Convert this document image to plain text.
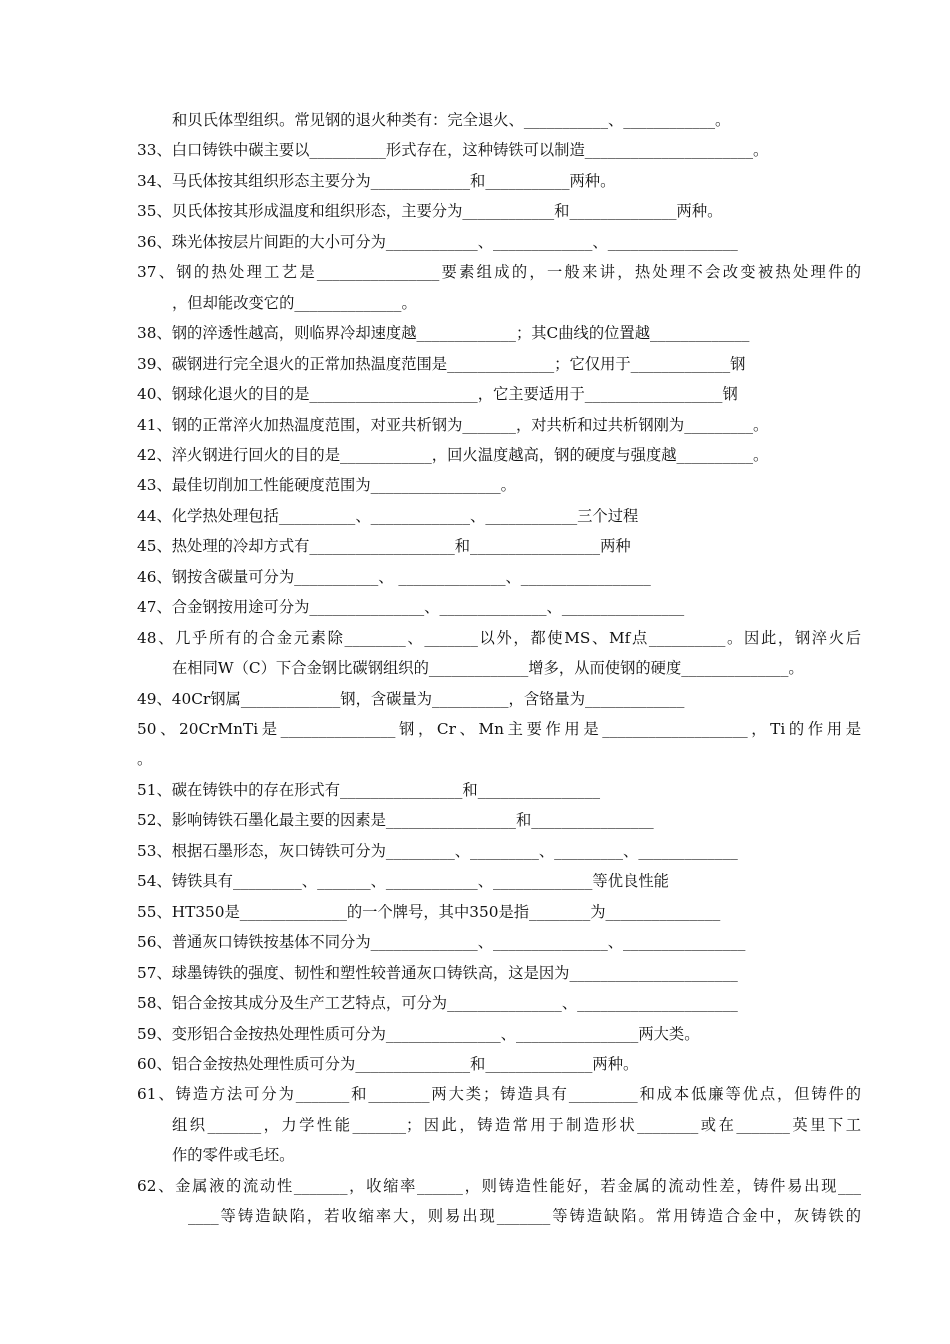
和贝氏体型组织。常见钢的退火种类有：完全退火、___________、____________。
33、白口铸铁中碳主要以__________形式存在，这种铸铁可以制造______________________。
34、马氏体按其组织形态主要分为_____________和___________两种。
35、贝氏体按其形成温度和组织形态，主要分为____________和______________两种。
36、珠光体按层片间距的大小可分为____________、_____________、_________________
37、钢的热处理工艺是________________要素组成的，一般来讲，热处理不会改变被热处理件的
，但却能改变它的______________。
38、钢的淬透性越高，则临界冷却速度越_____________；其C曲线的位置越_____________
39、碳钢进行完全退火的正常加热温度范围是______________；它仅用于_____________钢
40、钢球化退火的目的是______________________，它主要适用于__________________钢
41、钢的正常淬火加热温度范围，对亚共析钢为_______，对共析和过共析钢刚为_________。
42、淬火钢进行回火的目的是____________，回火温度越高，钢的硬度与强度越__________。
43、最佳切削加工性能硬度范围为_________________。
44、化学热处理包括__________、_____________、____________三个过程
45、热处理的冷却方式有___________________和_________________两种
46、钢按含碳量可分为___________、 ______________、_________________
47、合金钢按用途可分为_______________、______________、________________
48、几乎所有的合金元素除________、_______以外，都使MS、Mf点__________。因此，钢淬火后
在相同W（C）下合金钢比碳钢组织的_____________增多，从而使钢的硬度______________。
49、40Cr钢属_____________钢，含碳量为__________，含铬量为_____________
50、20CrMnTi是_______________钢，Cr、Mn主要作用是___________________，Ti的作用是
。
51、碳在铸铁中的存在形式有________________和________________
52、影响铸铁石墨化最主要的因素是_________________和________________
53、根据石墨形态，灰口铸铁可分为_________、_________、_________、_____________
54、铸铁具有_________、_______、____________、_____________等优良性能
55、HT350是______________的一个牌号，其中350是指________为_______________
56、普通灰口铸铁按基体不同分为______________、_______________、________________
57、球墨铸铁的强度、韧性和塑性较普通灰口铸铁高，这是因为______________________
58、铝合金按其成分及生产工艺特点，可分为_______________、_____________________
59、变形铝合金按热处理性质可分为_______________、________________两大类。
60、铝合金按热处理性质可分为_______________和______________两种。
61、铸造方法可分为_______和________两大类；铸造具有_________和成本低廉等优点，但铸件的
组织_______，力学性能_______；因此，铸造常用于制造形状________或在_______英里下工
作的零件或毛坯。
62、金属液的流动性_______，收缩率______，则铸造性能好，若金属的流动性差，铸件易出现___
____等铸造缺陷，若收缩率大，则易出现_______等铸造缺陷。常用铸造合金中，灰铸铁的
